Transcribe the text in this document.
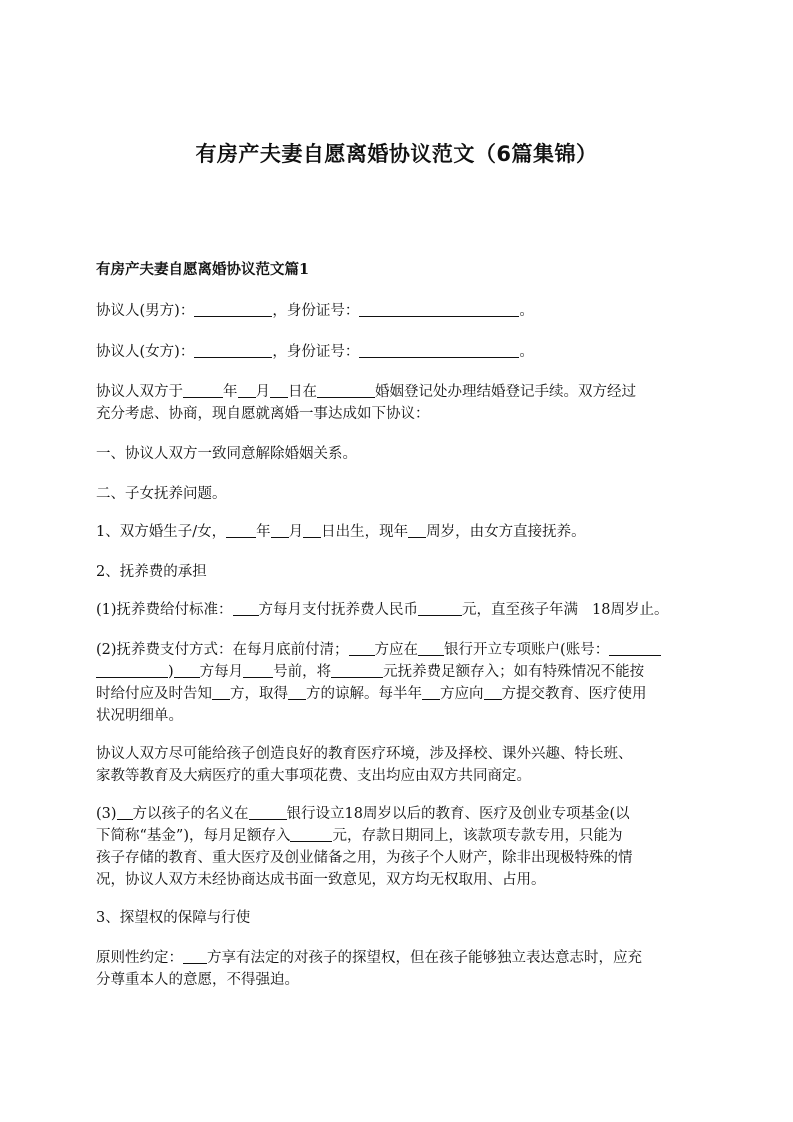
有房产夫妻自愿离婚协议范文（6篇集锦）
有房产夫妻自愿离婚协议范文篇1
协议人(男方)：	，身份证号：	。
协议人(女方)：	，身份证号：	。
协议人双方于	年 月 日在	婚姻登记处办理结婚登记手续。双方经过
充分考虑、协商，现自愿就离婚一事达成如下协议：
一、协议人双方一致同意解除婚姻关系。
二、子女抚养问题。
1、双方婚生子/女， 年 月 日出生，现年 周岁，由女方直接抚养。
2、抚养费的承担
(1)抚养费给付标准： 方每月支付抚养费人民币	元，直至孩子年满 18周岁止。
(2)抚养费支付方式：在每月底前付清； 方应在 银行开立专项账户(账号：
) 方每月 号前，将	元抚养费足额存入；如有特殊情况不能按
时给付应及时告知 方，取得 方的谅解。每半年 方应向 方提交教育、医疗使用
状况明细单。
协议人双方尽可能给孩子创造良好的教育医疗环境，涉及择校、课外兴趣、特长班、
家教等教育及大病医疗的重大事项花费、支出均应由双方共同商定。
(3) 方以孩子的名义在	银行设立18周岁以后的教育、医疗及创业专项基金(以
下简称“基金”)，每月足额存入	元，存款日期同上，该款项专款专用，只能为
孩子存储的教育、重大医疗及创业储备之用，为孩子个人财产，除非出现极特殊的情
况，协议人双方未经协商达成书面一致意见，双方均无权取用、占用。
3、探望权的保障与行使
原则性约定： 方享有法定的对孩子的探望权，但在孩子能够独立表达意志时，应充
分尊重本人的意愿，不得强迫。
